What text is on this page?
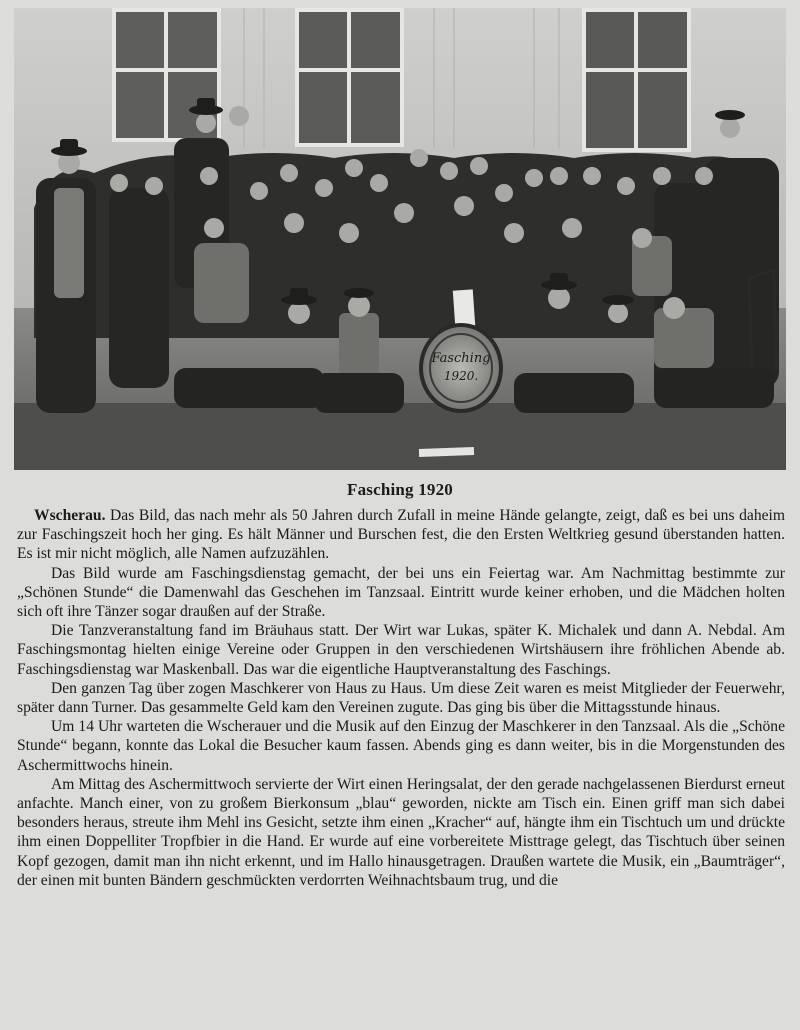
Fasching
1920.
Fasching 1920

Wscherau. Das Bild, das nach mehr als 50 Jahren durch Zufall in meine Hände gelangte, zeigt, daß es bei uns daheim zur Faschingszeit hoch her ging. Es hält Männer und Burschen fest, die den Ersten Weltkrieg gesund überstanden hatten. Es ist mir nicht möglich, alle Namen aufzuzählen.

Das Bild wurde am Faschingsdienstag gemacht, der bei uns ein Feiertag war. Am Nachmittag bestimmte zur „Schönen Stunde“ die Damenwahl das Geschehen im Tanzsaal. Eintritt wurde keiner erhoben, und die Mädchen holten sich oft ihre Tänzer sogar draußen auf der Straße.

Die Tanzveranstaltung fand im Bräuhaus statt. Der Wirt war Lukas, später K. Michalek und dann A. Nebdal. Am Faschingsmontag hielten einige Vereine oder Gruppen in den verschiedenen Wirtshäusern ihre fröhlichen Abende ab. Faschingsdienstag war Maskenball. Das war die eigentliche Hauptveranstaltung des Faschings.

Den ganzen Tag über zogen Maschkerer von Haus zu Haus. Um diese Zeit waren es meist Mitglieder der Feuerwehr, später dann Turner. Das gesammelte Geld kam den Vereinen zugute. Das ging bis über die Mittagsstunde hinaus.

Um 14 Uhr warteten die Wscherauer und die Musik auf den Einzug der Maschkerer in den Tanzsaal. Als die „Schöne Stunde“ begann, konnte das Lokal die Besucher kaum fassen. Abends ging es dann weiter, bis in die Morgenstunden des Aschermittwochs hinein.

Am Mittag des Aschermittwoch servierte der Wirt einen Heringsalat, der den gerade nachgelassenen Bierdurst erneut anfachte. Manch einer, von zu großem Bierkonsum „blau“ geworden, nickte am Tisch ein. Einen griff man sich dabei besonders heraus, streute ihm Mehl ins Gesicht, setzte ihm einen „Kracher“ auf, hängte ihm ein Tischtuch um und drückte ihm einen Doppelliter Tropfbier in die Hand. Er wurde auf eine vorbereitete Misttrage gelegt, das Tischtuch über seinen Kopf gezogen, damit man ihn nicht erkennt, und im Hallo hinausgetragen. Draußen wartete die Musik, ein „Baumträger“, der einen mit bunten Bändern geschmückten verdorrten Weihnachtsbaum trug, und die
